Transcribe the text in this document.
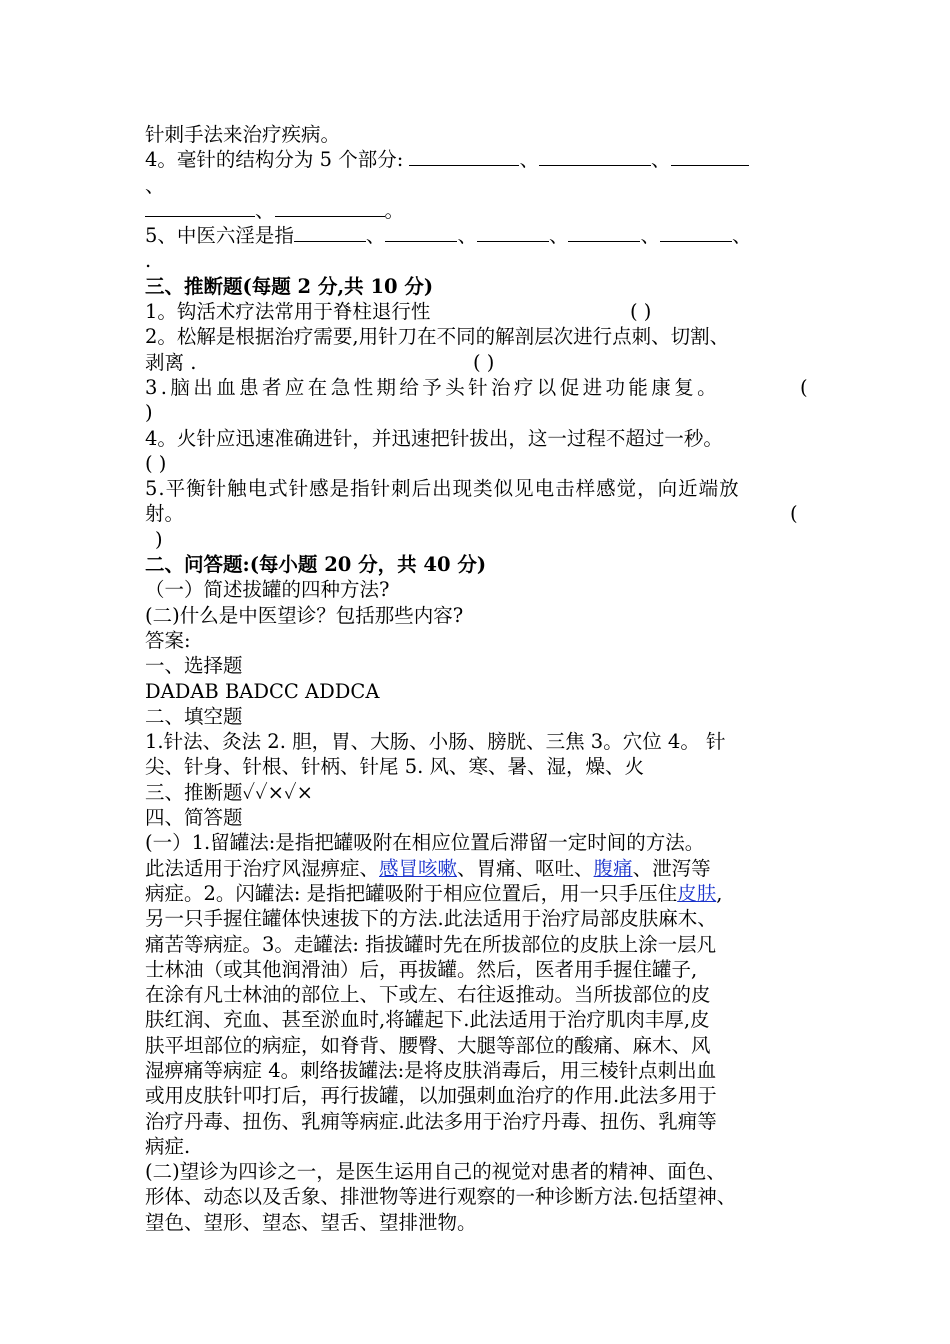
针刺手法来治疗疾病。
4。毫针的结构分为 5 个部分:	、	、
、
、	。
5、中医六淫是指	、	、	、	、	、
.
三、推断题(每题 2 分,共 10 分)
1。钩活术疗法常用于脊柱退行性	( )
2。松解是根据治疗需要,用针刀在不同的解剖层次进行点刺、切割、
剥离 .	( )
3.脑出血患者应在急性期给予头针治疗以促进功能康复。	(
)
4。火针应迅速准确进针，并迅速把针拔出，这一过程不超过一秒。
( )
5.平衡针触电式针感是指针刺后出现类似见电击样感觉，向近端放
射。	(
)
二、问答题:(每小题 20 分，共 40 分)
（一）简述拔罐的四种方法?
(二)什么是中医望诊？包括那些内容?
答案:
一、选择题
DADAB BADCC ADDCA
二、填空题
1.针法、灸法 2. 胆，胃、大肠、小肠、膀胱、三焦 3。穴位 4。 针
尖、针身、针根、针柄、针尾 5. 风、寒、暑、湿，燥、火
三、推断题✓✓×✓×
四、简答题
(一）1.留罐法:是指把罐吸附在相应位置后滞留一定时间的方法。
此法适用于治疗风湿痹症、感冒咳嗽、胃痛、呕吐、腹痛、泄泻等
病症。2。闪罐法: 是指把罐吸附于相应位置后，用一只手压住皮肤,
另一只手握住罐体快速拔下的方法.此法适用于治疗局部皮肤麻木、
痛苦等病症。3。走罐法: 指拔罐时先在所拔部位的皮肤上涂一层凡
士林油（或其他润滑油）后，再拔罐。然后，医者用手握住罐子,
在涂有凡士林油的部位上、下或左、右往返推动。当所拔部位的皮
肤红润、充血、甚至淤血时,将罐起下.此法适用于治疗肌肉丰厚,皮
肤平坦部位的病症，如脊背、腰臀、大腿等部位的酸痛、麻木、风
湿痹痛等病症 4。刺络拔罐法:是将皮肤消毒后，用三棱针点刺出血
或用皮肤针叩打后，再行拔罐，以加强刺血治疗的作用.此法多用于
治疗丹毒、扭伤、乳痈等病症.此法多用于治疗丹毒、扭伤、乳痈等
病症.
(二)望诊为四诊之一，是医生运用自己的视觉对患者的精神、面色、
形体、动态以及舌象、排泄物等进行观察的一种诊断方法.包括望神、
望色、望形、望态、望舌、望排泄物。
